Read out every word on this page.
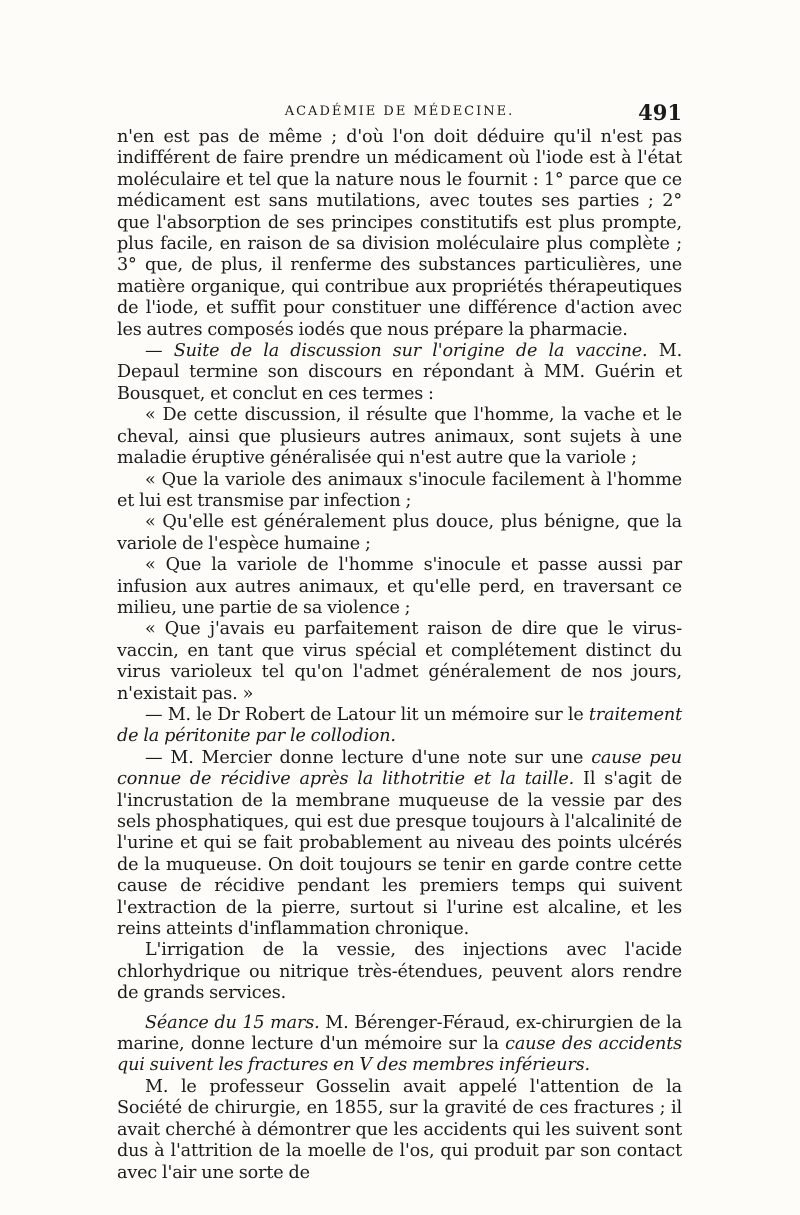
ACADÉMIE DE MÉDECINE.	491

n'en est pas de même ; d'où l'on doit déduire qu'il n'est pas indifférent de faire prendre un médicament où l'iode est à l'état moléculaire et tel que la nature nous le fournit : 1° parce que ce médicament est sans mutilations, avec toutes ses parties ; 2° que l'absorption de ses principes constitutifs est plus prompte, plus facile, en raison de sa division moléculaire plus complète ; 3° que, de plus, il renferme des substances particulières, une matière organique, qui contribue aux propriétés thérapeutiques de l'iode, et suffit pour constituer une différence d'action avec les autres composés iodés que nous prépare la pharmacie.

— Suite de la discussion sur l'origine de la vaccine. M. Depaul termine son discours en répondant à MM. Guérin et Bousquet, et conclut en ces termes :

« De cette discussion, il résulte que l'homme, la vache et le cheval, ainsi que plusieurs autres animaux, sont sujets à une maladie éruptive généralisée qui n'est autre que la variole ;

« Que la variole des animaux s'inocule facilement à l'homme et lui est transmise par infection ;

« Qu'elle est généralement plus douce, plus bénigne, que la variole de l'espèce humaine ;

« Que la variole de l'homme s'inocule et passe aussi par infusion aux autres animaux, et qu'elle perd, en traversant ce milieu, une partie de sa violence ;

« Que j'avais eu parfaitement raison de dire que le virus-vaccin, en tant que virus spécial et complétement distinct du virus varioleux tel qu'on l'admet généralement de nos jours, n'existait pas. »

— M. le Dr Robert de Latour lit un mémoire sur le traitement de la péritonite par le collodion.

— M. Mercier donne lecture d'une note sur une cause peu connue de récidive après la lithotritie et la taille. Il s'agit de l'incrustation de la membrane muqueuse de la vessie par des sels phosphatiques, qui est due presque toujours à l'alcalinité de l'urine et qui se fait probablement au niveau des points ulcérés de la muqueuse. On doit toujours se tenir en garde contre cette cause de récidive pendant les premiers temps qui suivent l'extraction de la pierre, surtout si l'urine est alcaline, et les reins atteints d'inflammation chronique.

L'irrigation de la vessie, des injections avec l'acide chlorhydrique ou nitrique très-étendues, peuvent alors rendre de grands services.

Séance du 15 mars. M. Bérenger-Féraud, ex-chirurgien de la marine, donne lecture d'un mémoire sur la cause des accidents qui suivent les fractures en V des membres inférieurs.

M. le professeur Gosselin avait appelé l'attention de la Société de chirurgie, en 1855, sur la gravité de ces fractures ; il avait cherché à démontrer que les accidents qui les suivent sont dus à l'attrition de la moelle de l'os, qui produit par son contact avec l'air une sorte de
